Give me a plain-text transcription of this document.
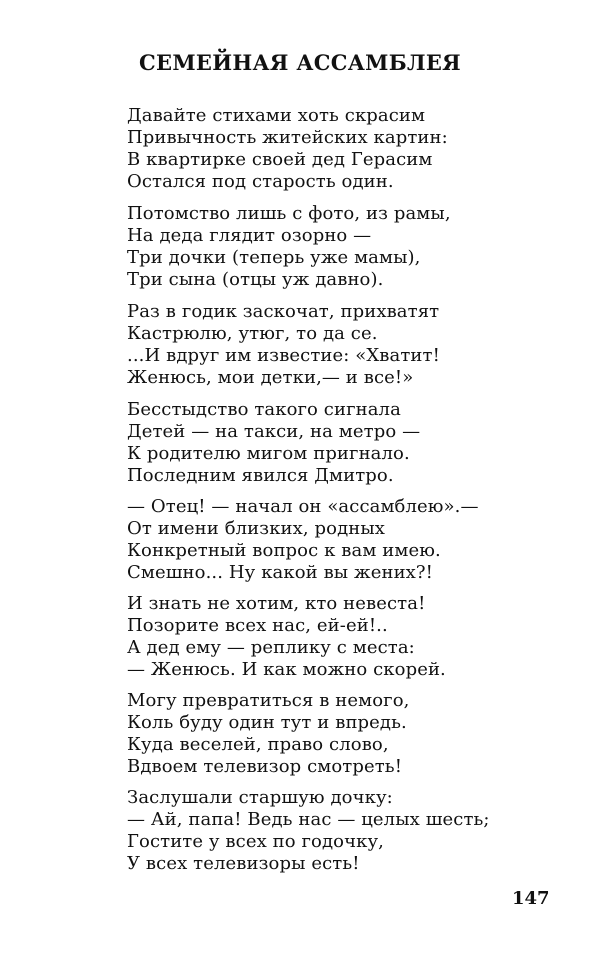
СЕМЕЙНАЯ АССАМБЛЕЯ
Давайте стихами хоть скрасим
Привычность житейских картин:
В квартирке своей дед Герасим
Остался под старость один.
Потомство лишь с фото, из рамы,
На деда глядит озорно —
Три дочки (теперь уже мамы),
Три сына (отцы уж давно).
Раз в годик заскочат, прихватят
Кастрюлю, утюг, то да се.
...И вдруг им известие: «Хватит!
Женюсь, мои детки,— и все!»
Бесстыдство такого сигнала
Детей — на такси, на метро —
К родителю мигом пригнало.
Последним явился Дмитро.
— Отец! — начал он «ассамблею».—
От имени близких, родных
Конкретный вопрос к вам имею.
Смешно... Ну какой вы жених?!
И знать не хотим, кто невеста!
Позорите всех нас, ей-ей!..
А дед ему — реплику с места:
— Женюсь. И как можно скорей.
Могу превратиться в немого,
Коль буду один тут и впредь.
Куда веселей, право слово,
Вдвоем телевизор смотреть!
Заслушали старшую дочку:
— Ай, папа! Ведь нас — целых шесть;
Гостите у всех по годочку,
У всех телевизоры есть!
147
